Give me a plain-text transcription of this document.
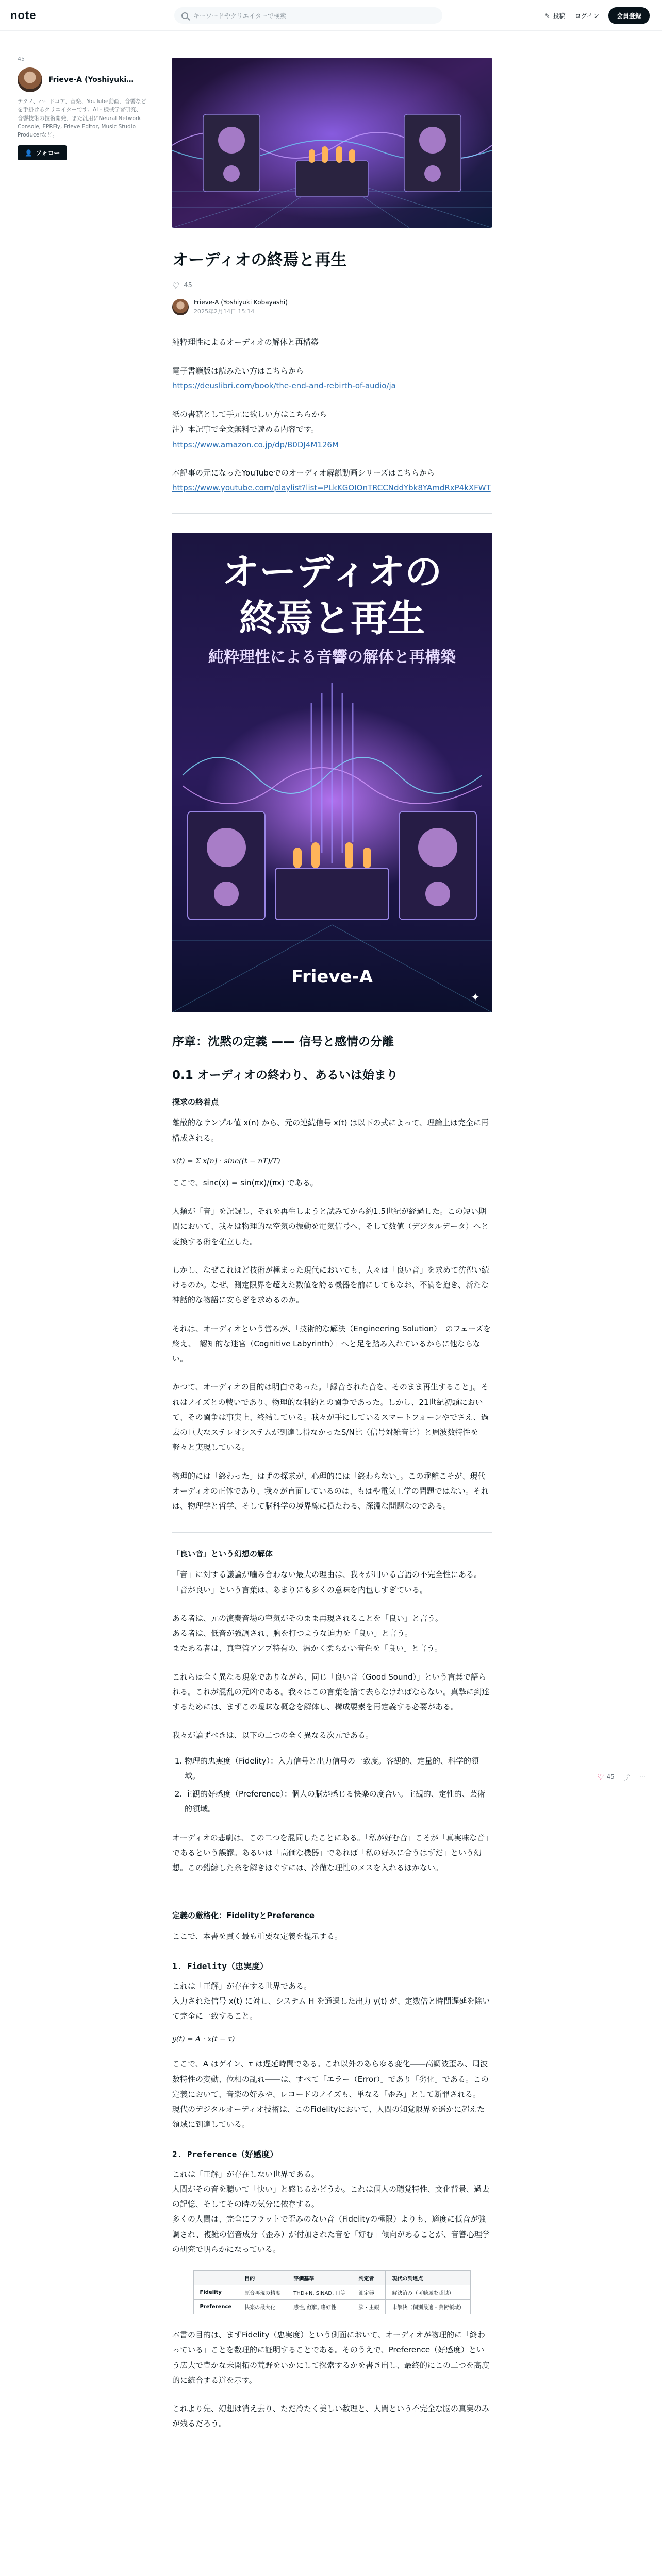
note	キーワードやクリエイターで検索	✎ 投稿 ログイン	会員登録
45
Frieve-A (Yoshiyuki…
テクノ、ハードコア、音楽、YouTube動画、音響などを手掛けるクリエイターです。AI・機械学習研究、音響技術の技術開発、また汎用にNeural Network Console, EPRFiy, Frieve Editor, Music Studio Producerなど。
👤 フォロー
オーディオの終焉と再生
♡ 45
Frieve-A (Yoshiyuki Kobayashi)
2025年2月14日 15:14
純粋理性によるオーディオの解体と再構築
電子書籍版は読みたい方はこちらから
https://deuslibri.com/book/the-end-and-rebirth-of-audio/ja
紙の書籍として手元に欲しい方はこちらから
注）本記事で全文無料で読める内容です。
https://www.amazon.co.jp/dp/B0DJ4M126M
本記事の元になったYouTubeでのオーディオ解説動画シリーズはこちらから
https://www.youtube.com/playlist?list=PLkKGOIOnTRCCNddYbk8YAmdRxP4kXFWT
オーディオの
終焉と再生
純粋理性による音響の解体と再構築
Frieve-A
✦
序章：沈黙の定義 —— 信号と感情の分離
0.1 オーディオの終わり、あるいは始まり
探求の終着点
離散的なサンプル値 x(n) から、元の連続信号 x(t) は以下の式によって、理論上は完全に再構成される。
x(t) = Σ x[n] · sinc((t − nT)/T)
ここで、sinc(x) = sin(πx)/(πx) である。
人類が「音」を記録し、それを再生しようと試みてから約1.5世紀が経過した。この短い期間において、我々は物理的な空気の振動を電気信号へ、そして数値（デジタルデータ）へと変換する術を確立した。
しかし、なぜこれほど技術が極まった現代においても、人々は「良い音」を求めて彷徨い続けるのか。なぜ、測定限界を超えた数値を誇る機器を前にしてもなお、不満を抱き、新たな神話的な物語に安らぎを求めるのか。
それは、オーディオという営みが、「技術的な解決（Engineering Solution）」のフェーズを終え、「認知的な迷宮（Cognitive Labyrinth）」へと足を踏み入れているからに他ならない。
かつて、オーディオの目的は明白であった。「録音された音を、そのまま再生すること」。それはノイズとの戦いであり、物理的な制約との闘争であった。しかし、21世紀初頭において、その闘争は事実上、終結している。我々が手にしているスマートフォーンやでさえ、過去の巨大なステレオシステムが到達し得なかったS/N比（信号対雑音比）と周波数特性を軽々と実現している。
物理的には「終わった」はずの探求が、心理的には「終わらない」。この乖離こそが、現代オーディオの正体であり、我々が直面しているのは、もはや電気工学の問題ではない。それは、物理学と哲学、そして脳科学の境界線に横たわる、深淵な問題なのである。
「良い音」という幻想の解体
「音」に対する議論が噛み合わない最大の理由は、我々が用いる言語の不完全性にある。「音が良い」という言葉は、あまりにも多くの意味を内包しすぎている。
ある者は、元の演奏音場の空気がそのまま再現されることを「良い」と言う。
ある者は、低音が強調され、胸を打つような迫力を「良い」と言う。
またある者は、真空管アンプ特有の、温かく柔らかい音色を「良い」と言う。
これらは全く異なる現象でありながら、同じ「良い音（Good Sound）」という言葉で語られる。これが混乱の元凶である。我々はこの言葉を捨て去らなければならない。真摯に到達するためには、まずこの曖昧な概念を解体し、構成要素を再定義する必要がある。
我々が論ずべきは、以下の二つの全く異なる次元である。
1. 物理的忠実度（Fidelity）：入力信号と出力信号の一致度。客観的、定量的、科学的領域。
2. 主観的好感度（Preference）：個人の脳が感じる快楽の度合い。主観的、定性的、芸術的領域。
オーディオの悲劇は、この二つを混同したことにある。「私が好む音」こそが「真実味な音」であるという誤謬。あるいは「高価な機器」であれば「私の好みに合うはずだ」という幻想。この錯綜した糸を解きほぐすには、冷徹な理性のメスを入れるほかない。
定義の厳格化：FidelityとPreference
ここで、本書を貫く最も重要な定義を提示する。
1. Fidelity（忠実度）
これは「正解」が存在する世界である。
入力された信号 x(t) に対し、システム H を通過した出力 y(t) が、定数倍と時間遅延を除いて完全に一致すること。
y(t) = A · x(t − τ)
ここで、A はゲイン、τ は遅延時間である。これ以外のあらゆる変化――高調波歪み、周波数特性の変動、位相の乱れ――は、すべて「エラー（Error）」であり「劣化」である。この定義において、音楽の好みや、レコードのノイズも、単なる「歪み」として断罪される。
現代のデジタルオーディオ技術は、このFidelityにおいて、人間の知覚限界を遥かに超えた領域に到達している。
2. Preference（好感度）
これは「正解」が存在しない世界である。
人間がその音を聴いて「快い」と感じるかどうか。これは個人の聴覚特性、文化背景、過去の記憶、そしてその時の気分に依存する。
多くの人間は、完全にフラットで歪みのない音（Fidelityの極限）よりも、適度に低音が強調され、複雑の倍音成分（歪み）が付加された音を「好む」傾向があることが、音響心理学の研究で明らかになっている。
	目的	評価基準	判定者	現代の到達点
Fidelity	原音再現の精度	THD+N, SINAD, 円等	測定器	解決済み（可聴域を超越）
Preference	快楽の最大化	感性, 経験, 嗜好性	脳・主観	未解決（個別最適・芸術領域）
本書の目的は、まずFidelity（忠実度）という側面において、オーディオが物理的に「終わっている」ことを数理的に証明することである。そのうえで、Preference（好感度）という広大で豊かな未開拓の荒野をいかにして探索するかを書き出し、最終的にこの二つを高度的に統合する道を示す。
これより先、幻想は消え去り、ただ冷たく美しい数理と、人間という不完全な脳の真実のみが残るだろう。
♡ 45 ⤴ ⋯
